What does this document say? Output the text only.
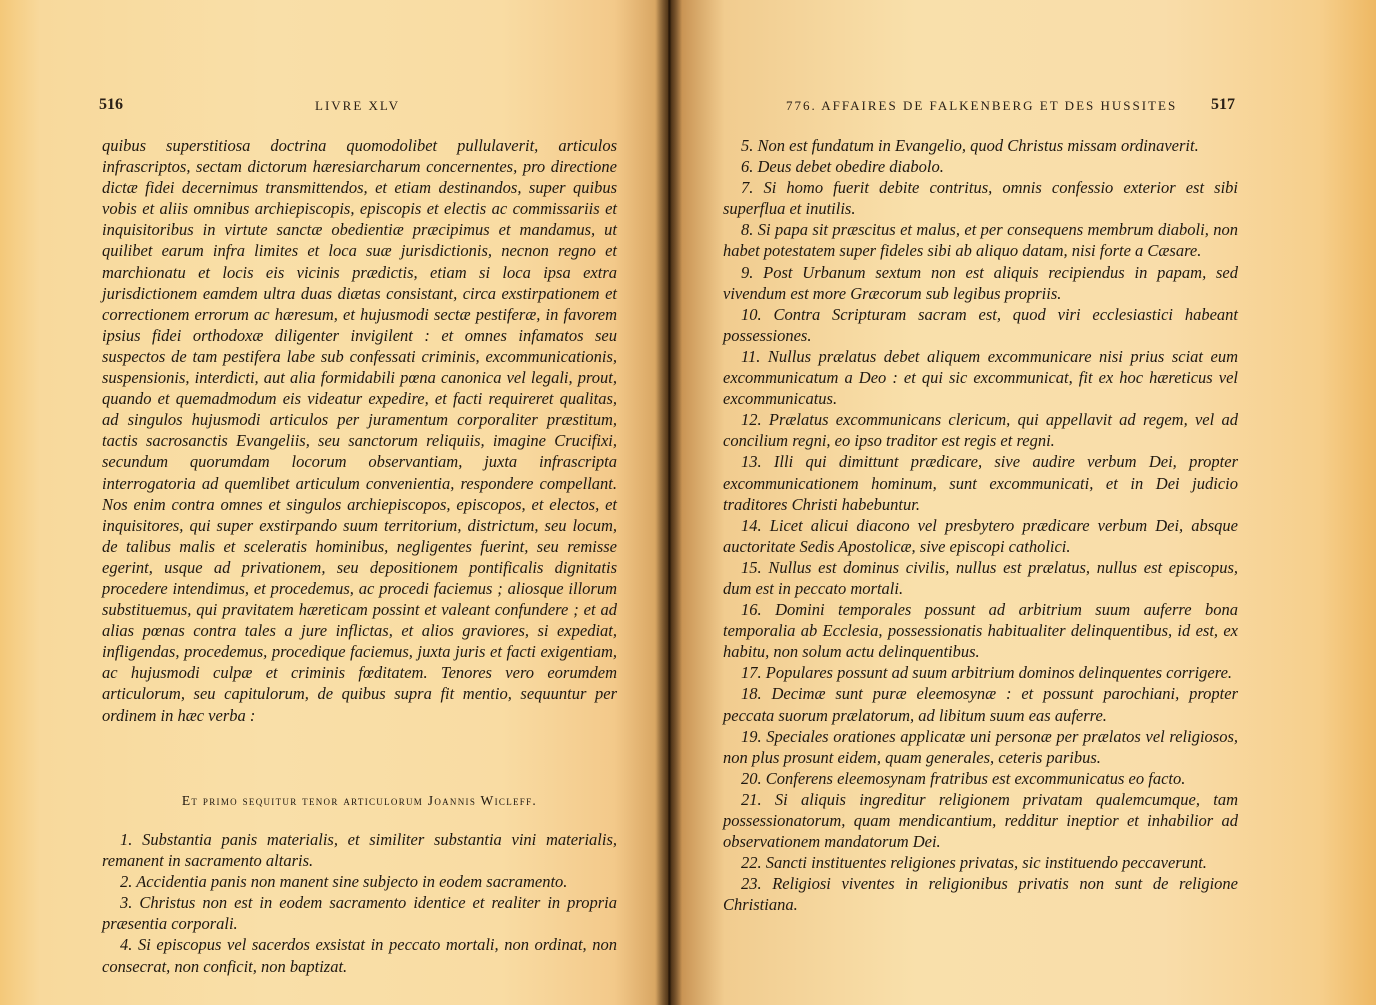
516	LIVRE XLV
quibus superstitiosa doctrina quomodolibet pullulaverit, articulos infrascriptos, sectam dictorum hæresiarcharum concernentes, pro directione dictæ fidei decernimus transmittendos, et etiam destinandos, super quibus vobis et aliis omnibus archiepiscopis, episcopis et electis ac commissariis et inquisitoribus in virtute sanctæ obedientiæ præcipimus et mandamus, ut quilibet earum infra limites et loca suæ jurisdictionis, necnon regno et marchionatu et locis eis vicinis prædictis, etiam si loca ipsa extra jurisdictionem eamdem ultra duas diætas consistant, circa exstirpationem et correctionem errorum ac hæresum, et hujusmodi sectæ pestiferæ, in favorem ipsius fidei orthodoxæ diligenter invigilent : et omnes infamatos seu suspectos de tam pestifera labe sub confessati criminis, excommunicationis, suspensionis, interdicti, aut alia formidabili pœna canonica vel legali, prout, quando et quemadmodum eis videatur expedire, et facti requireret qualitas, ad singulos hujusmodi articulos per juramentum corporaliter præstitum, tactis sacrosanctis Evangeliis, seu sanctorum reliquiis, imagine Crucifixi, secundum quorumdam locorum observantiam, juxta infrascripta interrogatoria ad quemlibet articulum convenientia, respondere compellant. Nos enim contra omnes et singulos archiepiscopos, episcopos, et electos, et inquisitores, qui super exstirpando suum territorium, districtum, seu locum, de talibus malis et sceleratis hominibus, negligentes fuerint, seu remisse egerint, usque ad privationem, seu depositionem pontificalis dignitatis procedere intendimus, et procedemus, ac procedi faciemus ; aliosque illorum substituemus, qui pravitatem hæreticam possint et valeant confundere ; et ad alias pœnas contra tales a jure inflictas, et alios graviores, si expediat, infligendas, procedemus, procedique faciemus, juxta juris et facti exigentiam, ac hujusmodi culpæ et criminis fœditatem. Tenores vero eorumdem articulorum, seu capitulorum, de quibus supra fit mentio, sequuntur per ordinem in hæc verba :
Et primo sequitur tenor articulorum Joannis Wicleff.

1. Substantia panis materialis, et similiter substantia vini materialis, remanent in sacramento altaris.

2. Accidentia panis non manent sine subjecto in eodem sacramento.

3. Christus non est in eodem sacramento identice et realiter in propria præsentia corporali.

4. Si episcopus vel sacerdos exsistat in peccato mortali, non ordinat, non consecrat, non conficit, non baptizat.

776. AFFAIRES DE FALKENBERG ET DES HUSSITES 517

5. Non est fundatum in Evangelio, quod Christus missam ordinaverit.

6. Deus debet obedire diabolo.

7. Si homo fuerit debite contritus, omnis confessio exterior est sibi superflua et inutilis.

8. Si papa sit præscitus et malus, et per consequens membrum diaboli, non habet potestatem super fideles sibi ab aliquo datam, nisi forte a Cæsare.

9. Post Urbanum sextum non est aliquis recipiendus in papam, sed vivendum est more Græcorum sub legibus propriis.

10. Contra Scripturam sacram est, quod viri ecclesiastici habeant possessiones.

11. Nullus prælatus debet aliquem excommunicare nisi prius sciat eum excommunicatum a Deo : et qui sic excommunicat, fit ex hoc hæreticus vel excommunicatus.

12. Prælatus excommunicans clericum, qui appellavit ad regem, vel ad concilium regni, eo ipso traditor est regis et regni.

13. Illi qui dimittunt prædicare, sive audire verbum Dei, propter excommunicationem hominum, sunt excommunicati, et in Dei judicio traditores Christi habebuntur.

14. Licet alicui diacono vel presbytero prædicare verbum Dei, absque auctoritate Sedis Apostolicæ, sive episcopi catholici.

15. Nullus est dominus civilis, nullus est prælatus, nullus est episcopus, dum est in peccato mortali.

16. Domini temporales possunt ad arbitrium suum auferre bona temporalia ab Ecclesia, possessionatis habitualiter delinquentibus, id est, ex habitu, non solum actu delinquentibus.

17. Populares possunt ad suum arbitrium dominos delinquentes corrigere.

18. Decimæ sunt puræ eleemosynæ : et possunt parochiani, propter peccata suorum prælatorum, ad libitum suum eas auferre.

19. Speciales orationes applicatæ uni personæ per prælatos vel religiosos, non plus prosunt eidem, quam generales, ceteris paribus.

20. Conferens eleemosynam fratribus est excommunicatus eo facto.

21. Si aliquis ingreditur religionem privatam qualemcumque, tam possessionatorum, quam mendicantium, redditur ineptior et inhabilior ad observationem mandatorum Dei.

22. Sancti instituentes religiones privatas, sic instituendo peccaverunt.

23. Religiosi viventes in religionibus privatis non sunt de religione Christiana.
